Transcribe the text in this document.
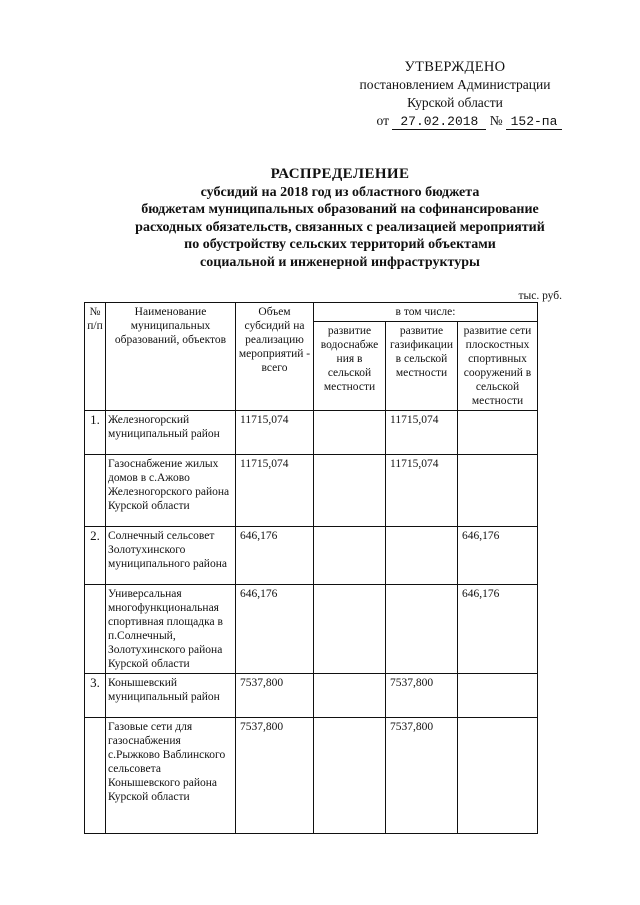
УТВЕРЖДЕНО
постановлением Администрации
Курской области
от 27.02.2018 № 152-па
РАСПРЕДЕЛЕНИЕ
субсидий на 2018 год из областного бюджета
бюджетам муниципальных образований на софинансирование
расходных обязательств, связанных с реализацией мероприятий
по обустройству сельских территорий объектами
социальной и инженерной инфраструктуры
тыс. руб.
№ п/п	Наименование муниципальных образований, объектов	Объем субсидий на реализацию мероприятий - всего	в том числе:		
			развитие водоснабже ния в сельской местности	развитие газификации в сельской местности	развитие сети плоскостных спортивных сооружений в сельской местности
1.	Железногорский муниципальный район	11715,074		11715,074	
	Газоснабжение жилых домов в с.Ажово Железногорского района Курской области	11715,074		11715,074	
2.	Солнечный сельсовет Золотухинского муниципального района	646,176			646,176
	Универсальная многофункциональная спортивная площадка в п.Солнечный, Золотухинского района Курской области	646,176			646,176
3.	Конышевский муниципальный район	7537,800		7537,800	
	Газовые сети для газоснабжения с.Рыжково Ваблинского сельсовета Конышевского района Курской области	7537,800		7537,800	
